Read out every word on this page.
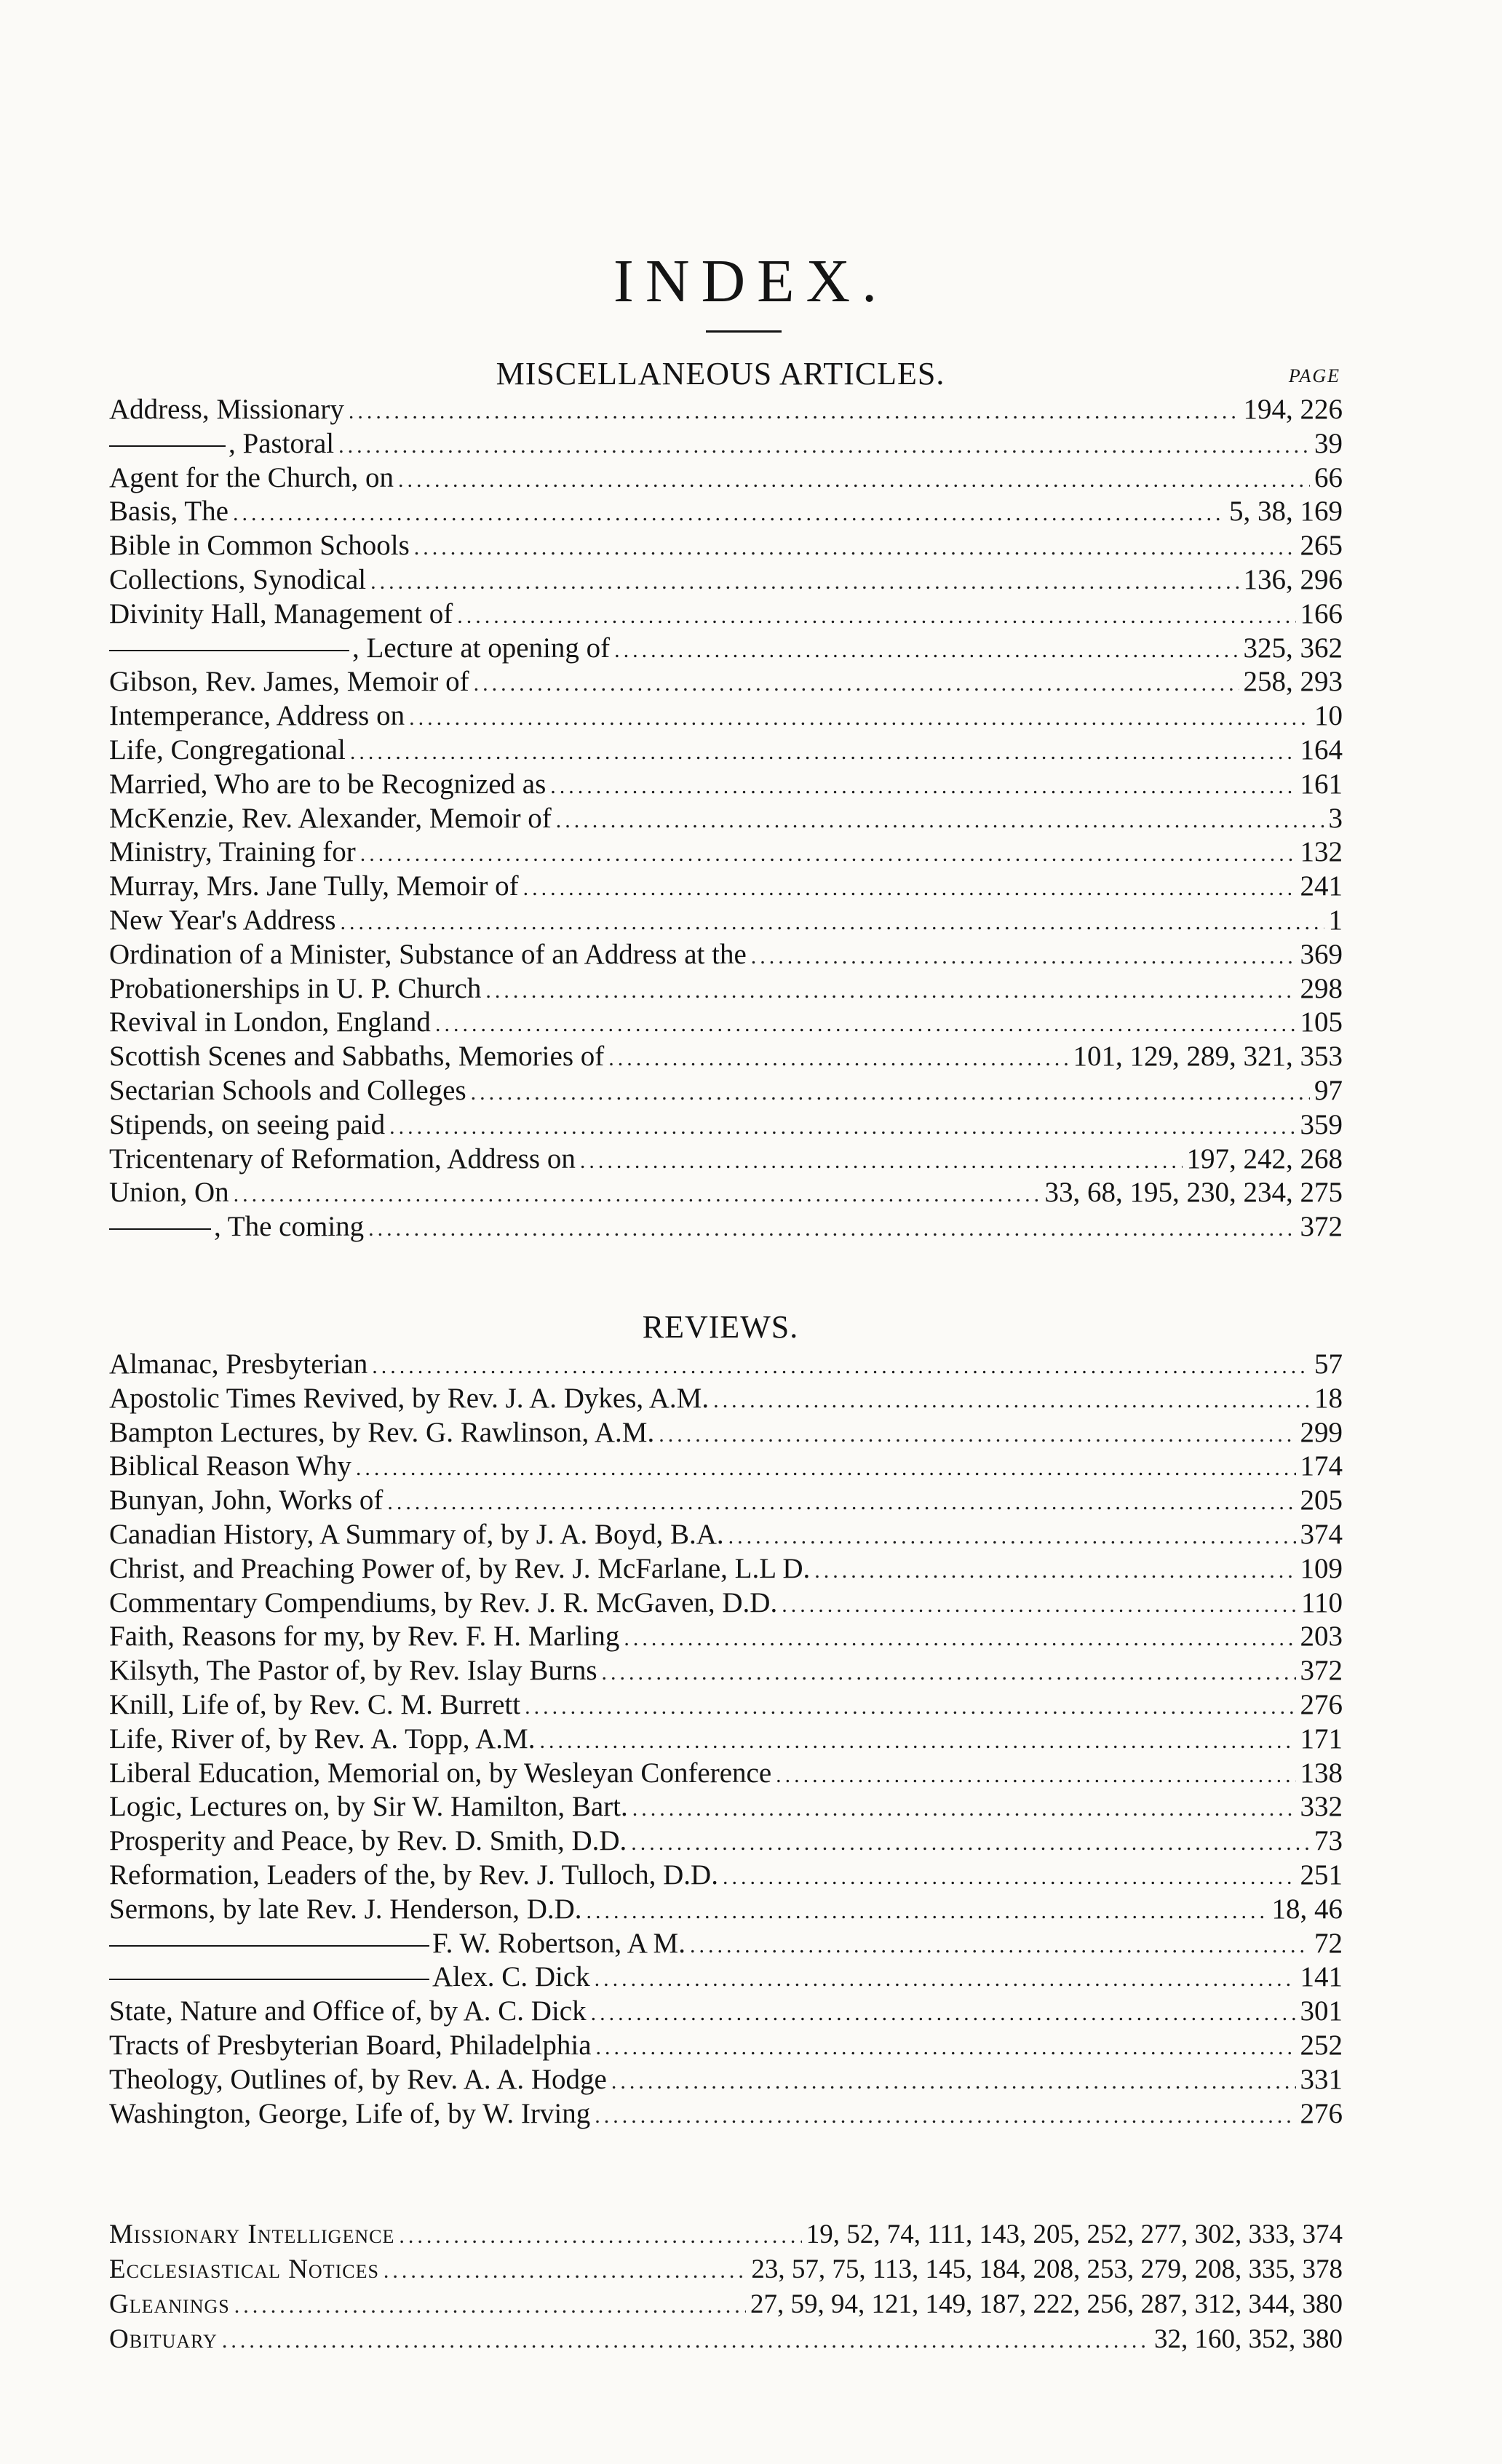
INDEX.
MISCELLANEOUS ARTICLES.	PAGE
Address, Missionary .....	194, 226
, Pastoral .....	39
Agent for the Church, on .....	66
Basis, The .....	5, 38, 169
Bible in Common Schools .....	265
Collections, Synodical .....	136, 296
Divinity Hall, Management of .....	166
, Lecture at opening of .....	325, 362
Gibson, Rev. James, Memoir of .....	258, 293
Intemperance, Address on .....	10
Life, Congregational .....	164
Married, Who are to be Recognized as .....	161
McKenzie, Rev. Alexander, Memoir of .....	3
Ministry, Training for .....	132
Murray, Mrs. Jane Tully, Memoir of .....	241
New Year's Address .....	1
Ordination of a Minister, Substance of an Address at the .....	369
Probationerships in U. P. Church .....	298
Revival in London, England .....	105
Scottish Scenes and Sabbaths, Memories of .....	101, 129, 289, 321, 353
Sectarian Schools and Colleges .....	97
Stipends, on seeing paid .....	359
Tricentenary of Reformation, Address on .....	197, 242, 268
Union, On .....	33, 68, 195, 230, 234, 275
, The coming .....	372
REVIEWS.
Almanac, Presbyterian .....	57
Apostolic Times Revived, by Rev. J. A. Dykes, A.M. .....	18
Bampton Lectures, by Rev. G. Rawlinson, A.M. .....	299
Biblical Reason Why .....	174
Bunyan, John, Works of .....	205
Canadian History, A Summary of, by J. A. Boyd, B.A. .....	374
Christ, and Preaching Power of, by Rev. J. McFarlane, L.L D. .....	109
Commentary Compendiums, by Rev. J. R. McGaven, D.D. .....	110
Faith, Reasons for my, by Rev. F. H. Marling .....	203
Kilsyth, The Pastor of, by Rev. Islay Burns .....	372
Knill, Life of, by Rev. C. M. Burrett .....	276
Life, River of, by Rev. A. Topp, A.M. .....	171
Liberal Education, Memorial on, by Wesleyan Conference .....	138
Logic, Lectures on, by Sir W. Hamilton, Bart. .....	332
Prosperity and Peace, by Rev. D. Smith, D.D. .....	73
Reformation, Leaders of the, by Rev. J. Tulloch, D.D. .....	251
Sermons, by late Rev. J. Henderson, D.D. .....	18, 46
F. W. Robertson, A M. .....	72
Alex. C. Dick .....	141
State, Nature and Office of, by A. C. Dick .....	301
Tracts of Presbyterian Board, Philadelphia .....	252
Theology, Outlines of, by Rev. A. A. Hodge .....	331
Washington, George, Life of, by W. Irving .....	276
Missionary Intelligence .....	19, 52, 74, 111, 143, 205, 252, 277, 302, 333, 374
Ecclesiastical Notices .....	23, 57, 75, 113, 145, 184, 208, 253, 279, 208, 335, 378
Gleanings .....	27, 59, 94, 121, 149, 187, 222, 256, 287, 312, 344, 380
Obituary .....	32, 160, 352, 380
